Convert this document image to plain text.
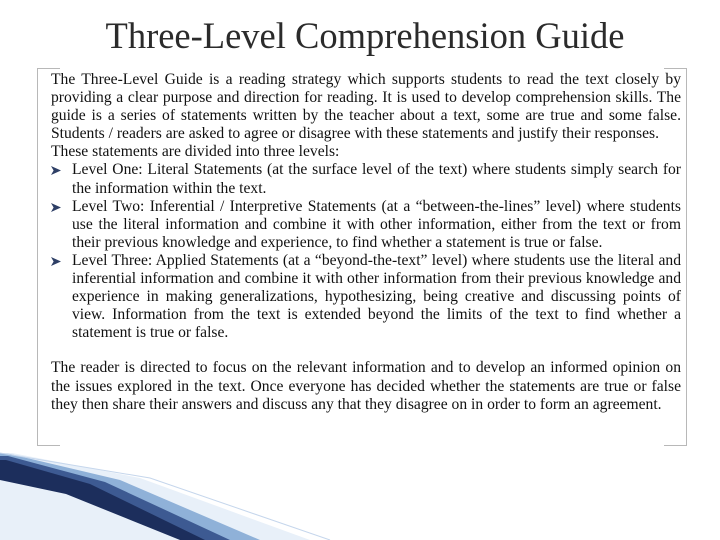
Three-Level Comprehension Guide

The Three-Level Guide is a reading strategy which supports students to read the text closely by providing a clear purpose and direction for reading. It is used to develop comprehension skills. The guide is a series of statements written by the teacher about a text, some are true and some false. Students / readers are asked to agree or disagree with these statements and justify their responses.

These statements are divided into three levels:

Level One: Literal Statements (at the surface level of the text) where students simply search for the information within the text.
Level Two: Inferential / Interpretive Statements (at a “between-the-lines” level) where students use the literal information and combine it with other information, either from the text or from their previous knowledge and experience, to find whether a statement is true or false.
Level Three: Applied Statements (at a “beyond-the-text” level) where students use the literal and inferential information and combine it with other information from their previous knowledge and experience in making generalizations, hypothesizing, being creative and discussing points of view. Information from the text is extended beyond the limits of the text to find whether a statement is true or false.

The reader is directed to focus on the relevant information and to develop an informed opinion on the issues explored in the text. Once everyone has decided whether the statements are true or false they then share their answers and discuss any that they disagree on in order to form an agreement.
